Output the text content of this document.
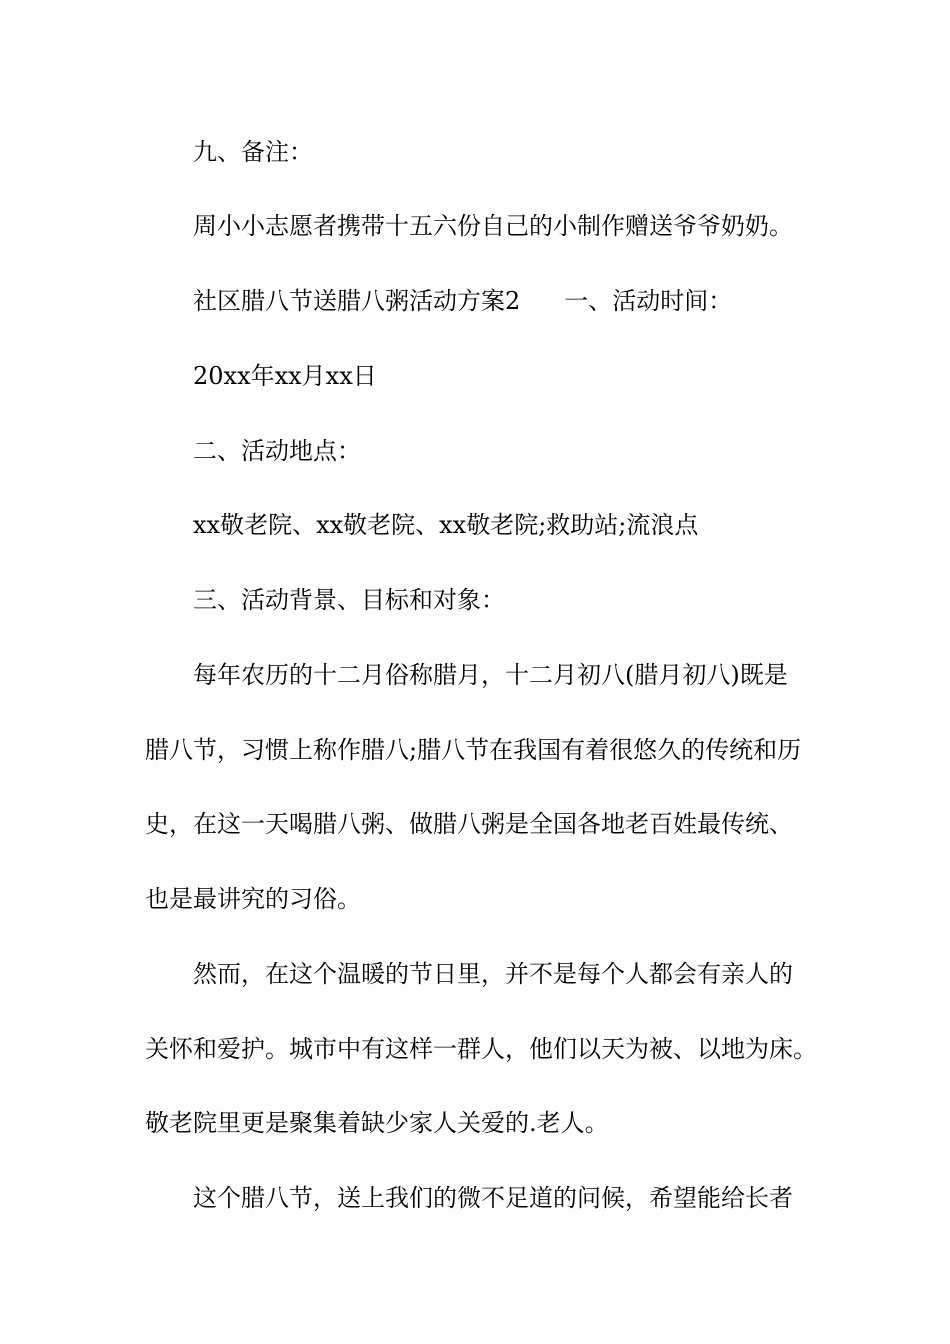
九、备注：
周小小志愿者携带十五六份自己的小制作赠送爷爷奶奶。
社区腊八节送腊八粥活动方案2 一、活动时间：
20xx年xx月xx日
二、活动地点：
xx敬老院、xx敬老院、xx敬老院;救助站;流浪点
三、活动背景、目标和对象：
每年农历的十二月俗称腊月，十二月初八(腊月初八)既是
腊八节，习惯上称作腊八;腊八节在我国有着很悠久的传统和历
史，在这一天喝腊八粥、做腊八粥是全国各地老百姓最传统、
也是最讲究的习俗。
然而，在这个温暖的节日里，并不是每个人都会有亲人的
关怀和爱护。城市中有这样一群人，他们以天为被、以地为床。
敬老院里更是聚集着缺少家人关爱的.老人。
这个腊八节，送上我们的微不足道的问候，希望能给长者
